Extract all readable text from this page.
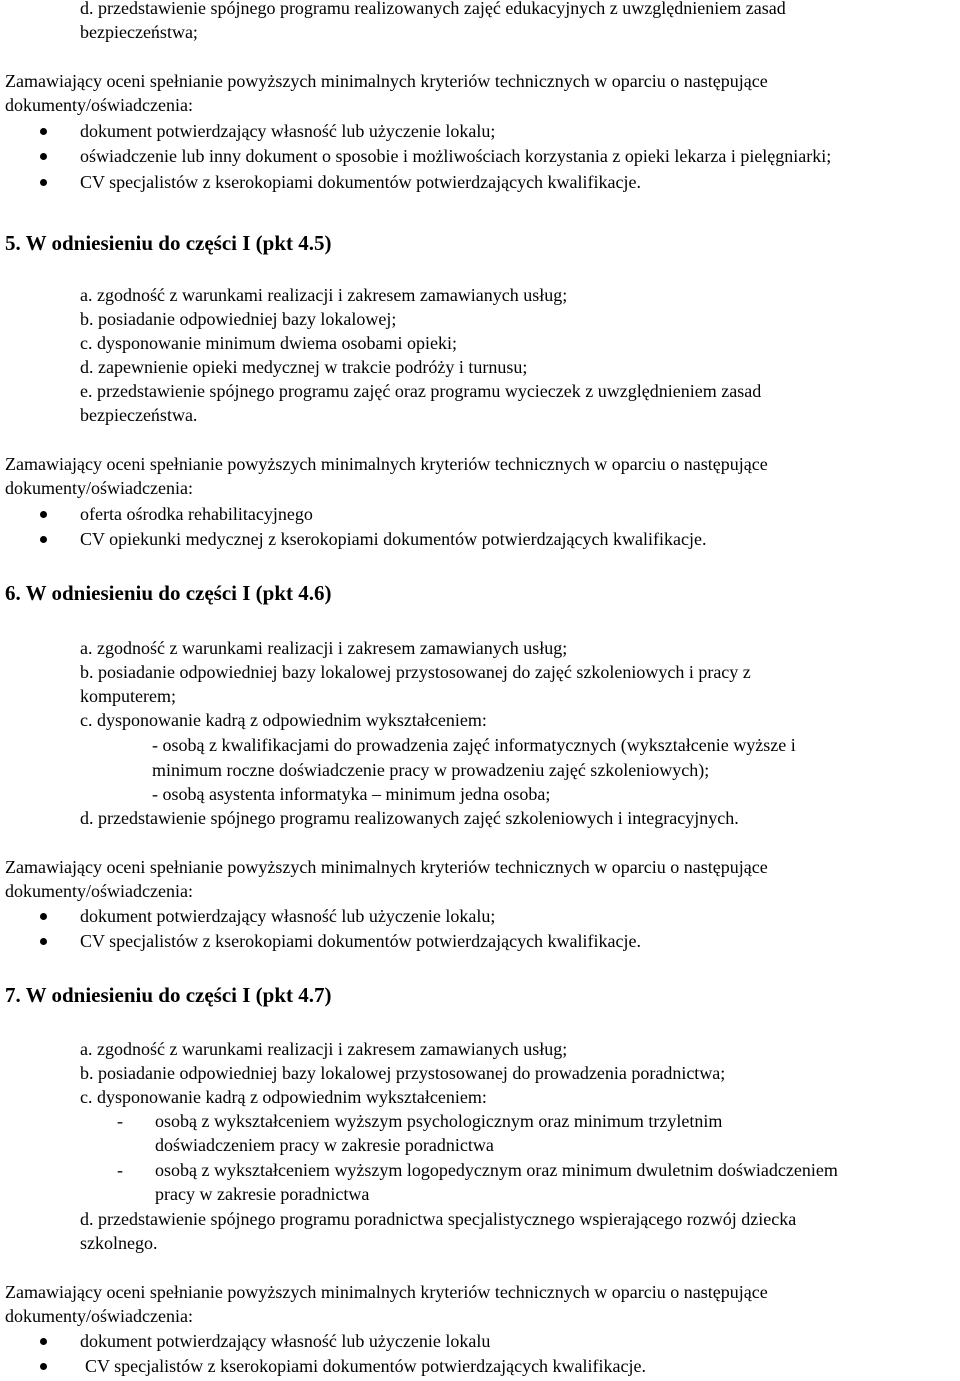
d. przedstawienie spójnego programu realizowanych zajęć edukacyjnych z uwzględnieniem zasad
bezpieczeństwa;
Zamawiający oceni spełnianie powyższych minimalnych kryteriów technicznych w oparciu o następujące
dokumenty/oświadczenia:
dokument potwierdzający własność lub użyczenie lokalu;
oświadczenie lub inny dokument o sposobie i możliwościach korzystania z opieki lekarza i pielęgniarki;
CV specjalistów z kserokopiami dokumentów potwierdzających kwalifikacje.
5. W odniesieniu do części I (pkt 4.5)
a. zgodność z warunkami realizacji i zakresem zamawianych usług;
b. posiadanie odpowiedniej bazy lokalowej;
c. dysponowanie minimum dwiema osobami opieki;
d. zapewnienie opieki medycznej w trakcie podróży i turnusu;
e. przedstawienie spójnego programu zajęć oraz programu wycieczek z uwzględnieniem zasad
bezpieczeństwa.
Zamawiający oceni spełnianie powyższych minimalnych kryteriów technicznych w oparciu o następujące
dokumenty/oświadczenia:
oferta ośrodka rehabilitacyjnego
CV opiekunki medycznej z kserokopiami dokumentów potwierdzających kwalifikacje.
6. W odniesieniu do części I (pkt 4.6)
a. zgodność z warunkami realizacji i zakresem zamawianych usług;
b. posiadanie odpowiedniej bazy lokalowej przystosowanej do zajęć szkoleniowych i pracy z
komputerem;
c. dysponowanie kadrą z odpowiednim wykształceniem:
- osobą z kwalifikacjami do prowadzenia zajęć informatycznych (wykształcenie wyższe i
minimum roczne doświadczenie pracy w prowadzeniu zajęć szkoleniowych);
- osobą asystenta informatyka – minimum jedna osoba;
d. przedstawienie spójnego programu realizowanych zajęć szkoleniowych i integracyjnych.
Zamawiający oceni spełnianie powyższych minimalnych kryteriów technicznych w oparciu o następujące
dokumenty/oświadczenia:
dokument potwierdzający własność lub użyczenie lokalu;
CV specjalistów z kserokopiami dokumentów potwierdzających kwalifikacje.
7. W odniesieniu do części I (pkt 4.7)
a. zgodność z warunkami realizacji i zakresem zamawianych usług;
b. posiadanie odpowiedniej bazy lokalowej przystosowanej do prowadzenia poradnictwa;
c. dysponowanie kadrą z odpowiednim wykształceniem:
- osobą z wykształceniem wyższym psychologicznym oraz minimum trzyletnim
doświadczeniem pracy w zakresie poradnictwa
- osobą z wykształceniem wyższym logopedycznym oraz minimum dwuletnim doświadczeniem
pracy w zakresie poradnictwa
d. przedstawienie spójnego programu poradnictwa specjalistycznego wspierającego rozwój dziecka
szkolnego.
Zamawiający oceni spełnianie powyższych minimalnych kryteriów technicznych w oparciu o następujące
dokumenty/oświadczenia:
dokument potwierdzający własność lub użyczenie lokalu
CV specjalistów z kserokopiami dokumentów potwierdzających kwalifikacje.
